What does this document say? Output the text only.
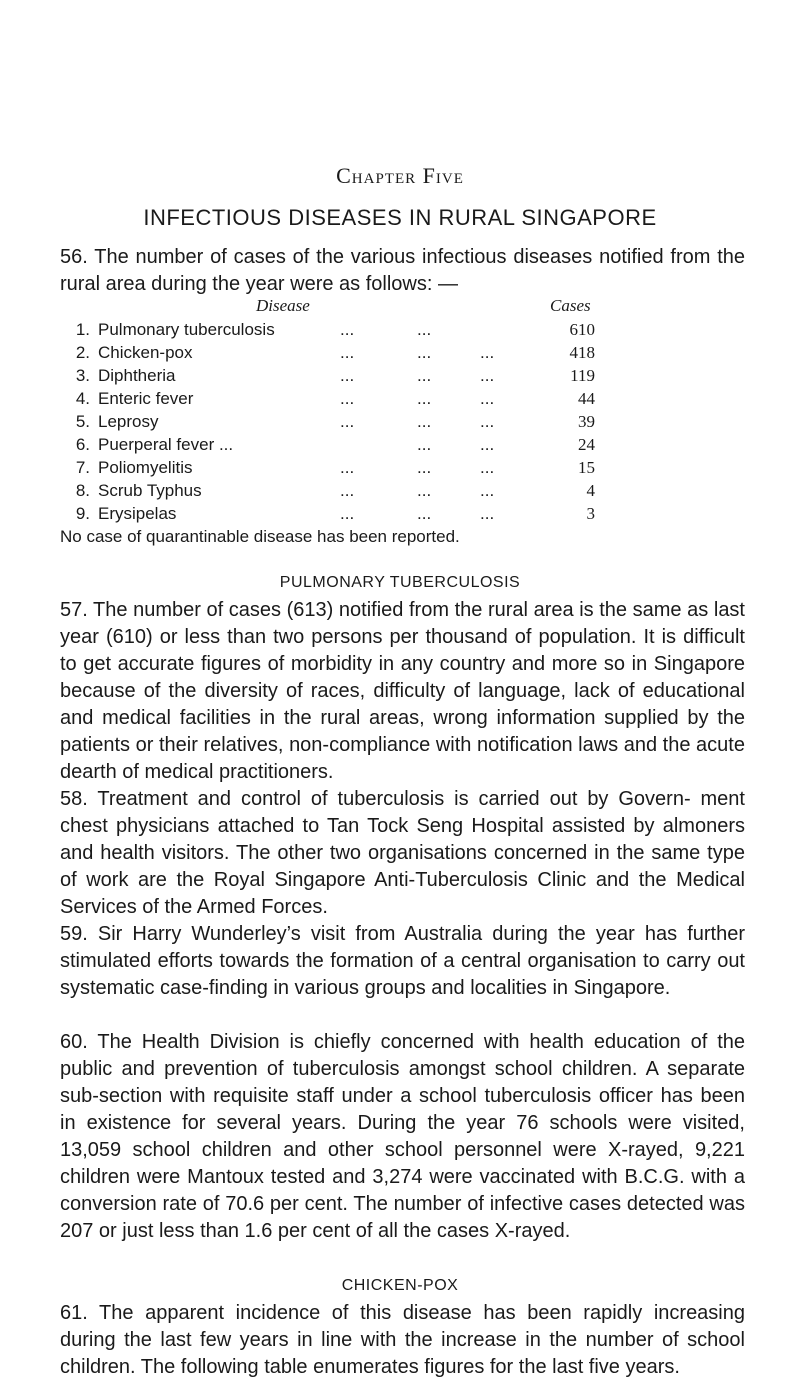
Chapter Five
INFECTIOUS DISEASES IN RURAL SINGAPORE

56. The number of cases of the various infectious diseases notified from the rural area during the year were as follows: —

Disease	Cases
1. Pulmonary tuberculosis	...	...	610
2. Chicken-pox	...	...	...	418
3. Diphtheria	...	...	...	119
4. Enteric fever	...	...	...	44
5. Leprosy	...	...	...	39
6. Puerperal fever ...	...	...	24
7. Poliomyelitis	...	...	...	15
8. Scrub Typhus	...	...	...	4
9. Erysipelas	...	...	...	3
No case of quarantinable disease has been reported.
PULMONARY TUBERCULOSIS

57. The number of cases (613) notified from the rural area is the same as last year (610) or less than two persons per thousand of population. It is difficult to get accurate figures of morbidity in any country and more so in Singapore because of the diversity of races, difficulty of language, lack of educational and medical facilities in the rural areas, wrong information supplied by the patients or their relatives, non-compliance with notification laws and the acute dearth of medical practitioners.

58. Treatment and control of tuberculosis is carried out by Govern- ment chest physicians attached to Tan Tock Seng Hospital assisted by almoners and health visitors. The other two organisations concerned in the same type of work are the Royal Singapore Anti-Tuberculosis Clinic and the Medical Services of the Armed Forces.

59. Sir Harry Wunderley’s visit from Australia during the year has further stimulated efforts towards the formation of a central organisation to carry out systematic case-finding in various groups and localities in Singapore.

60. The Health Division is chiefly concerned with health education of the public and prevention of tuberculosis amongst school children. A separate sub-section with requisite staff under a school tuberculosis officer has been in existence for several years. During the year 76 schools were visited, 13,059 school children and other school personnel were X-rayed, 9,221 children were Mantoux tested and 3,274 were vaccinated with B.C.G. with a conversion rate of 70.6 per cent. The number of infective cases detected was 207 or just less than 1.6 per cent of all the cases X-rayed.

CHICKEN-POX

61. The apparent incidence of this disease has been rapidly increasing during the last few years in line with the increase in the number of school children. The following table enumerates figures for the last five years.
